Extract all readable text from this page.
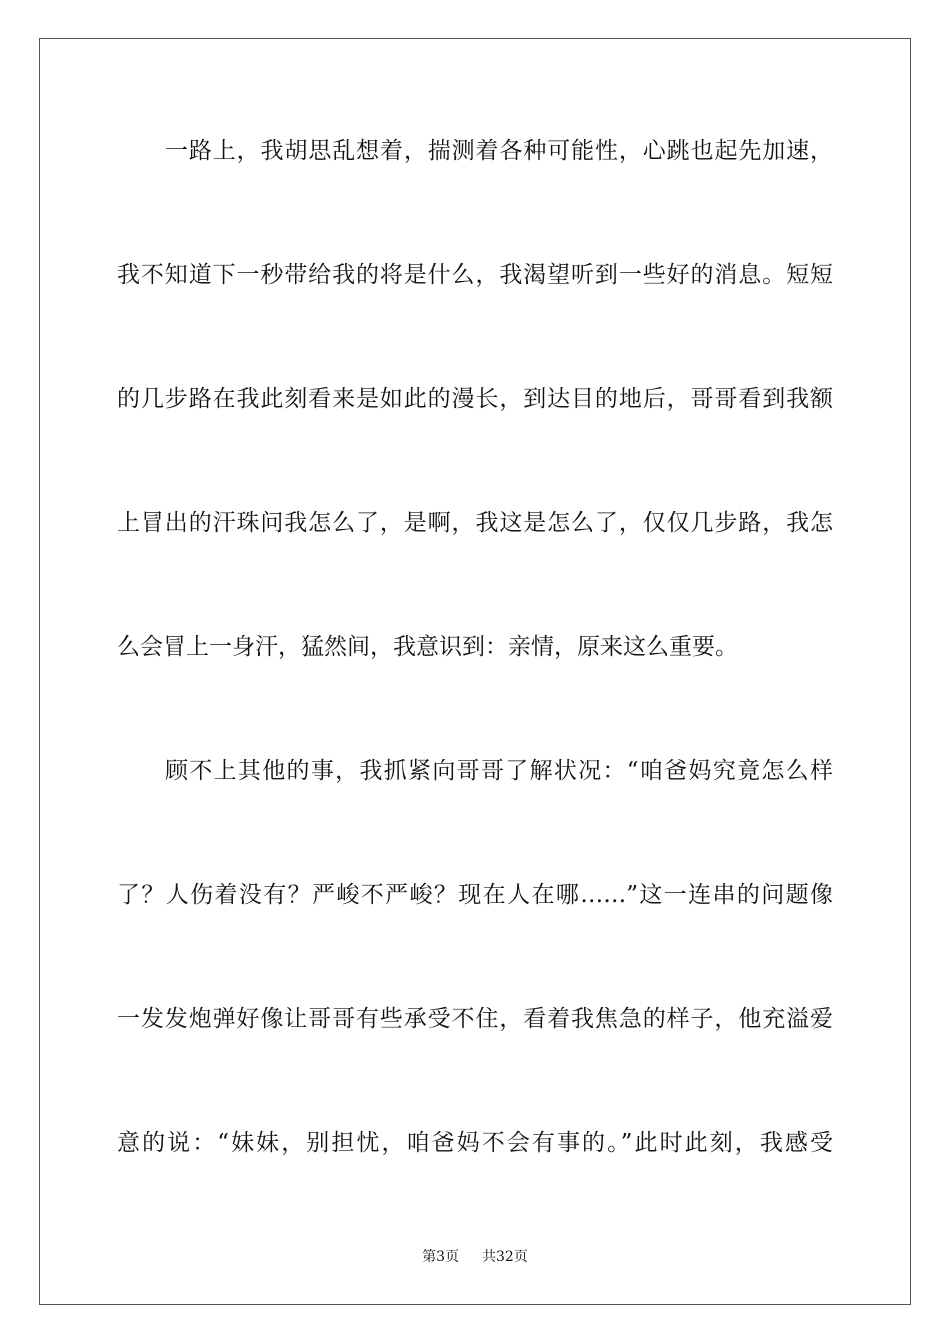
一路上，我胡思乱想着，揣测着各种可能性，心跳也起先加速，

我不知道下一秒带给我的将是什么，我渴望听到一些好的消息。短短

的几步路在我此刻看来是如此的漫长，到达目的地后，哥哥看到我额

上冒出的汗珠问我怎么了，是啊，我这是怎么了，仅仅几步路，我怎

么会冒上一身汗，猛然间，我意识到：亲情，原来这么重要。

顾不上其他的事，我抓紧向哥哥了解状况：“咱爸妈究竟怎么样

了？人伤着没有？严峻不严峻？现在人在哪……”这一连串的问题像

一发发炮弹好像让哥哥有些承受不住，看着我焦急的样子，他充溢爱

意的说：“妹妹，别担忧，咱爸妈不会有事的。”此时此刻，我感受

第3页 共32页
